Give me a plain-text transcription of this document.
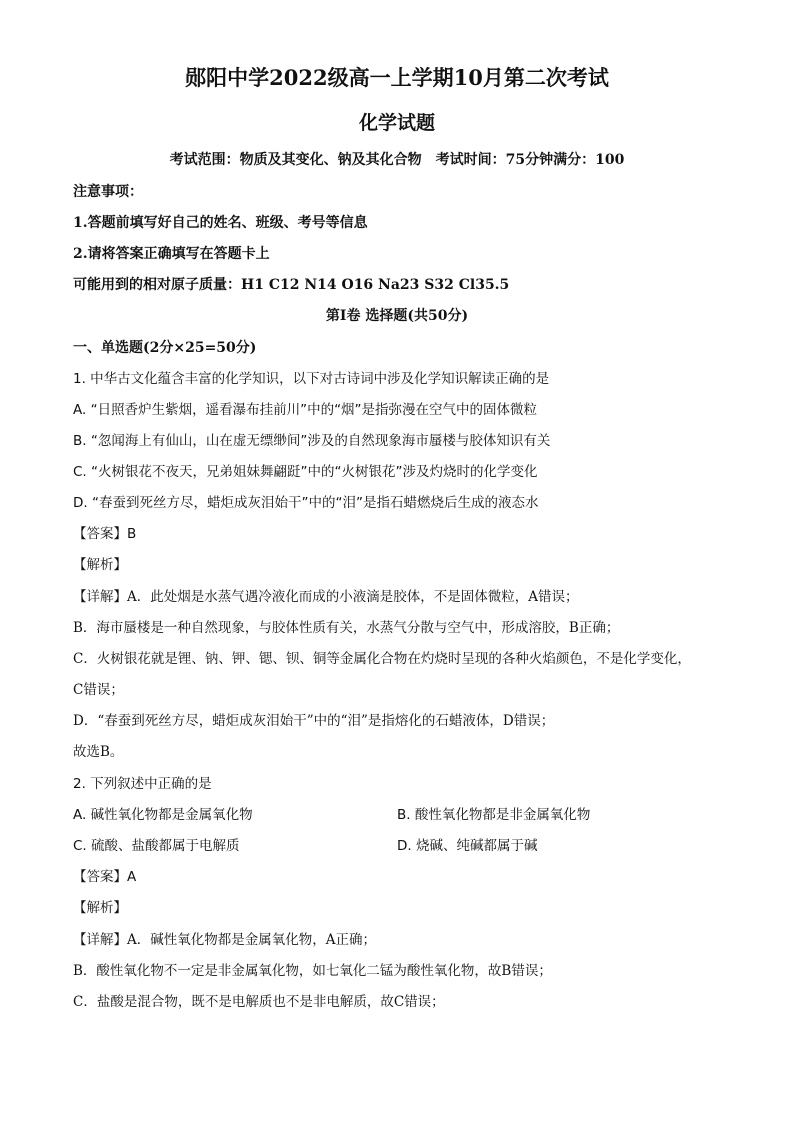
郧阳中学2022级高一上学期10月第二次考试
化学试题
考试范围：物质及其变化、钠及其化合物　考试时间：75分钟满分：100
注意事项：
1.答题前填写好自己的姓名、班级、考号等信息
2.请将答案正确填写在答题卡上
可能用到的相对原子质量：H1 C12 N14 O16 Na23 S32 Cl35.5
第I卷 选择题(共50分)
一、单选题(2分×25=50分)
1. 中华古文化蕴含丰富的化学知识，以下对古诗词中涉及化学知识解读正确的是
A. “日照香炉生紫烟，遥看瀑布挂前川”中的“烟”是指弥漫在空气中的固体微粒
B. “忽闻海上有仙山，山在虚无缥缈间”涉及的自然现象海市蜃楼与胶体知识有关
C. “火树银花不夜天，兄弟姐妹舞翩跹”中的“火树银花”涉及灼烧时的化学变化
D. “春蚕到死丝方尽，蜡炬成灰泪始干”中的“泪”是指石蜡燃烧后生成的液态水
【答案】B
【解析】
【详解】A．此处烟是水蒸气遇冷液化而成的小液滴是胶体，不是固体微粒，A错误；
B．海市蜃楼是一种自然现象，与胶体性质有关，水蒸气分散与空气中，形成溶胶，B正确；
C．火树银花就是锂、钠、钾、锶、钡、铜等金属化合物在灼烧时呈现的各种火焰颜色，不是化学变化，
C错误；
D．“春蚕到死丝方尽，蜡炬成灰泪始干”中的“泪”是指熔化的石蜡液体，D错误；
故选B。
2. 下列叙述中正确的是
A. 碱性氧化物都是金属氧化物	B. 酸性氧化物都是非金属氧化物
C. 硫酸、盐酸都属于电解质	D. 烧碱、纯碱都属于碱
【答案】A
【解析】
【详解】A．碱性氧化物都是金属氧化物，A正确；
B．酸性氧化物不一定是非金属氧化物，如七氧化二锰为酸性氧化物，故B错误；
C．盐酸是混合物，既不是电解质也不是非电解质，故C错误；
